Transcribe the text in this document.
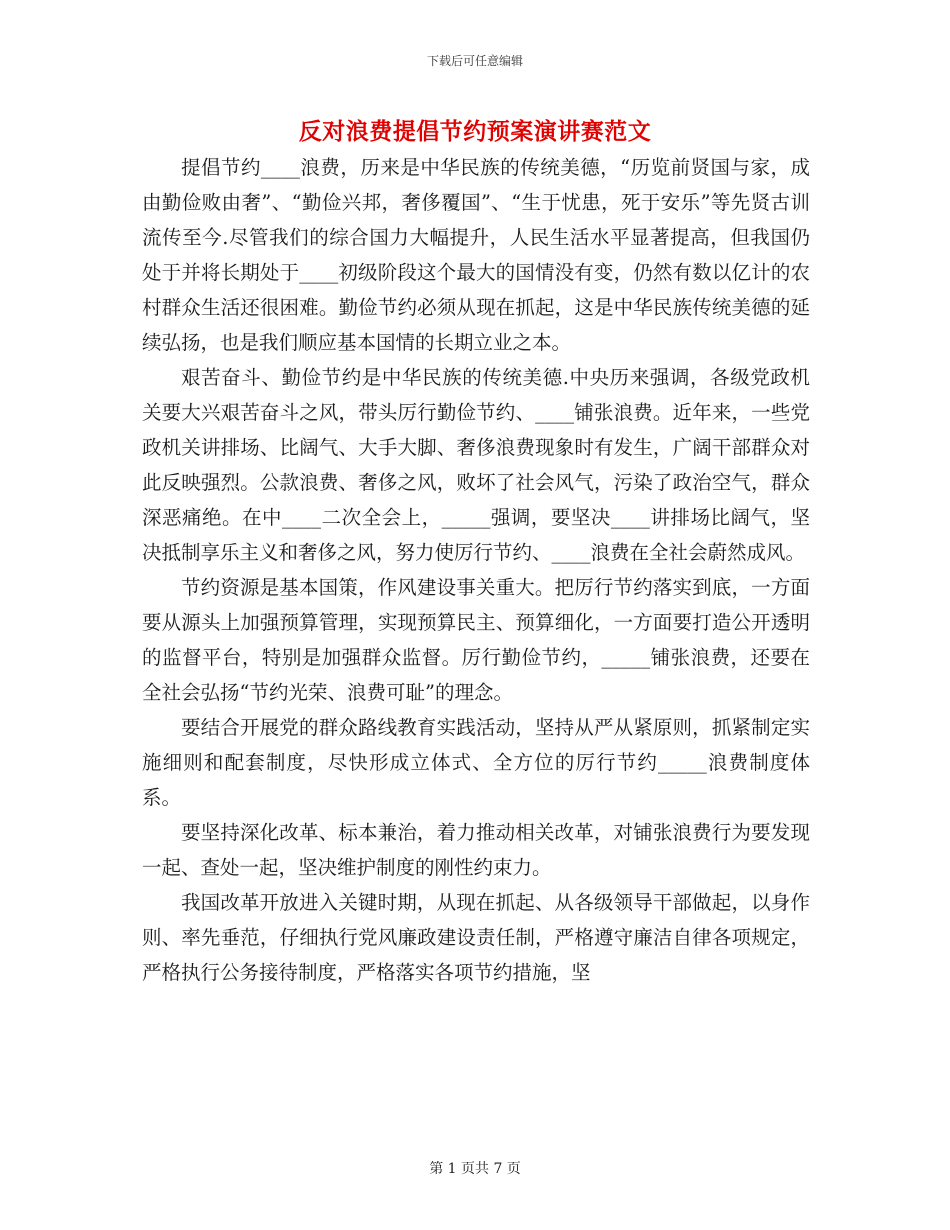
下载后可任意编辑
反对浪费提倡节约预案演讲赛范文

提倡节约____浪费，历来是中华民族的传统美德，“历览前贤国与家，成由勤俭败由奢”、“勤俭兴邦，奢侈覆国”、“生于忧患，死于安乐”等先贤古训流传至今.尽管我们的综合国力大幅提升，人民生活水平显著提高，但我国仍处于并将长期处于____初级阶段这个最大的国情没有变，仍然有数以亿计的农村群众生活还很困难。勤俭节约必须从现在抓起，这是中华民族传统美德的延续弘扬，也是我们顺应基本国情的长期立业之本。

艰苦奋斗、勤俭节约是中华民族的传统美德.中央历来强调，各级党政机关要大兴艰苦奋斗之风，带头厉行勤俭节约、____铺张浪费。近年来，一些党政机关讲排场、比阔气、大手大脚、奢侈浪费现象时有发生，广阔干部群众对此反映强烈。公款浪费、奢侈之风，败坏了社会风气，污染了政治空气，群众深恶痛绝。在中____二次全会上，_____强调，要坚决____讲排场比阔气，坚决抵制享乐主义和奢侈之风，努力使厉行节约、____浪费在全社会蔚然成风。

节约资源是基本国策，作风建设事关重大。把厉行节约落实到底，一方面要从源头上加强预算管理，实现预算民主、预算细化，一方面要打造公开透明的监督平台，特别是加强群众监督。厉行勤俭节约，_____铺张浪费，还要在全社会弘扬“节约光荣、浪费可耻”的理念。

要结合开展党的群众路线教育实践活动，坚持从严从紧原则，抓紧制定实施细则和配套制度，尽快形成立体式、全方位的厉行节约_____浪费制度体系。

要坚持深化改革、标本兼治，着力推动相关改革，对铺张浪费行为要发现一起、查处一起，坚决维护制度的刚性约束力。

我国改革开放进入关键时期，从现在抓起、从各级领导干部做起，以身作则、率先垂范，仔细执行党风廉政建设责任制，严格遵守廉洁自律各项规定，严格执行公务接待制度，严格落实各项节约措施，坚

第 1 页共 7 页
